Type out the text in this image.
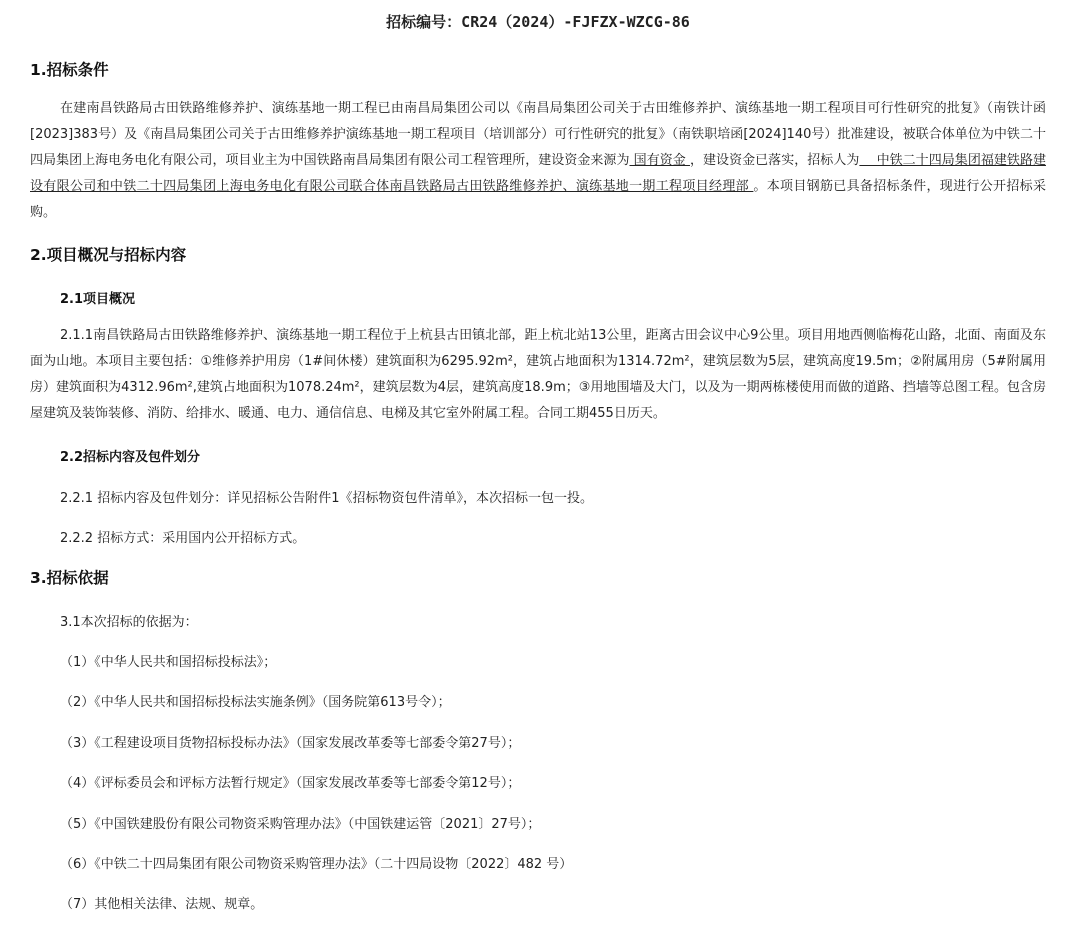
招标编号：CR24（2024）-FJFZX-WZCG-86
1.招标条件
在建南昌铁路局古田铁路维修养护、演练基地一期工程已由南昌局集团公司以《南昌局集团公司关于古田维修养护、演练基地一期工程项目可行性研究的批复》（南铁计函[2023]383号）及《南昌局集团公司关于古田维修养护演练基地一期工程项目（培训部分）可行性研究的批复》（南铁职培函[2024]140号）批准建设，被联合体单位为中铁二十四局集团上海电务电化有限公司，项目业主为中国铁路南昌局集团有限公司工程管理所，建设资金来源为 国有资金 ，建设资金已落实，招标人为　 中铁二十四局集团福建铁路建设有限公司和中铁二十四局集团上海电务电化有限公司联合体南昌铁路局古田铁路维修养护、演练基地一期工程项目经理部 。本项目钢筋已具备招标条件，现进行公开招标采购。
2.项目概况与招标内容
2.1项目概况
2.1.1南昌铁路局古田铁路维修养护、演练基地一期工程位于上杭县古田镇北部，距上杭北站13公里，距离古田会议中心9公里。项目用地西侧临梅花山路，北面、南面及东面为山地。本项目主要包括：①维修养护用房（1#间休楼）建筑面积为6295.92m²，建筑占地面积为1314.72m²，建筑层数为5层，建筑高度19.5m；②附属用房（5#附属用房）建筑面积为4312.96m²,建筑占地面积为1078.24m²，建筑层数为4层，建筑高度18.9m；③用地围墙及大门，以及为一期两栋楼使用而做的道路、挡墙等总图工程。包含房屋建筑及装饰装修、消防、给排水、暖通、电力、通信信息、电梯及其它室外附属工程。合同工期455日历天。
2.2招标内容及包件划分
2.2.1 招标内容及包件划分：详见招标公告附件1《招标物资包件清单》，本次招标一包一投。
2.2.2 招标方式：采用国内公开招标方式。
3.招标依据
3.1本次招标的依据为：
（1）《中华人民共和国招标投标法》；
（2）《中华人民共和国招标投标法实施条例》（国务院第613号令）；
（3）《工程建设项目货物招标投标办法》（国家发展改革委等七部委令第27号）；
（4）《评标委员会和评标方法暂行规定》（国家发展改革委等七部委令第12号）；
（5）《中国铁建股份有限公司物资采购管理办法》（中国铁建运管〔2021〕27号）；
（6）《中铁二十四局集团有限公司物资采购管理办法》（二十四局设物〔2022〕482 号）
（7）其他相关法律、法规、规章。
